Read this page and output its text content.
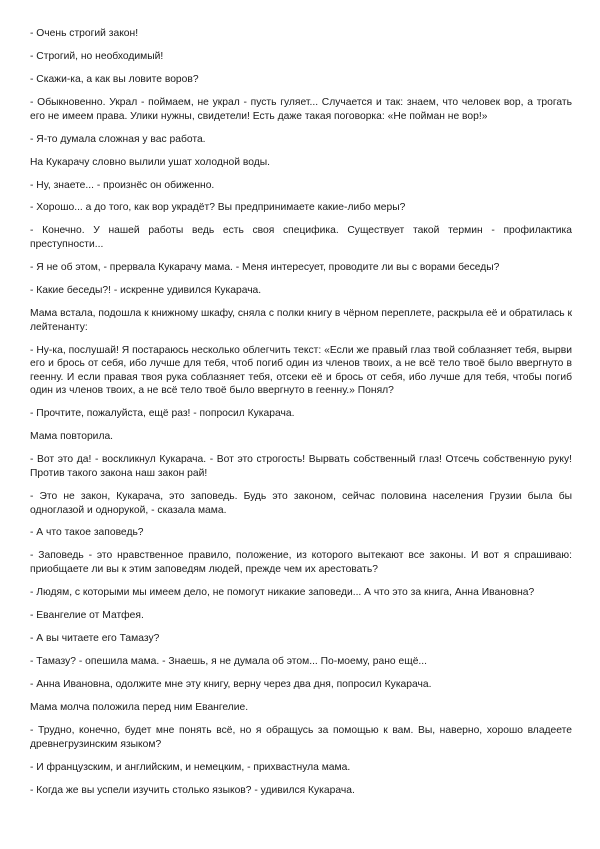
- Очень строгий закон!

- Строгий, но необходимый!

- Скажи-ка, а как вы ловите воров?

- Обыкновенно. Украл - поймаем, не украл - пусть гуляет... Случается и так: знаем, что человек вор, а трогать его не имеем права. Улики нужны, свидетели! Есть даже такая поговорка: «Не пойман не вор!»

- Я-то думала сложная у вас работа.

На Кукарачу словно вылили ушат холодной воды.

- Ну, знаете... - произнёс он обиженно.

- Хорошо... а до того, как вор украдёт? Вы предпринимаете какие-либо меры?

- Конечно. У нашей работы ведь есть своя специфика. Существует такой термин - профилактика преступности...

- Я не об этом, - прервала Кукарачу мама. - Меня интересует, проводите ли вы с ворами беседы?

- Какие беседы?! - искренне удивился Кукарача.

Мама встала, подошла к книжному шкафу, сняла с полки книгу в чёрном переплете, раскрыла её и обратилась к лейтенанту:

- Ну-ка, послушай! Я постараюсь несколько облегчить текст: «Если же правый глаз твой соблазняет тебя, вырви его и брось от себя, ибо лучше для тебя, чтоб погиб один из членов твоих, а не всё тело твоё было ввергнуто в геенну. И если правая твоя рука соблазняет тебя, отсеки её и брось от себя, ибо лучше для тебя, чтобы погиб один из членов твоих, а не всё тело твоё было ввергнуто в геенну.» Понял?

- Прочтите, пожалуйста, ещё раз! - попросил Кукарача.

Мама повторила.

- Вот это да! - воскликнул Кукарача. - Вот это строгость! Вырвать собственный глаз! Отсечь собственную руку! Против такого закона наш закон рай!

- Это не закон, Кукарача, это заповедь. Будь это законом, сейчас половина населения Грузии была бы одноглазой и однорукой, - сказала мама.

- А что такое заповедь?

- Заповедь - это нравственное правило, положение, из которого вытекают все законы. И вот я спрашиваю: приобщаете ли вы к этим заповедям людей, прежде чем их арестовать?

- Людям, с которыми мы имеем дело, не помогут никакие заповеди... А что это за книга, Анна Ивановна?

- Евангелие от Матфея.

- А вы читаете его Тамазу?

- Тамазу? - опешила мама. - Знаешь, я не думала об этом... По-моему, рано ещё...

- Анна Ивановна, одолжите мне эту книгу, верну через два дня, попросил Кукарача.

Мама молча положила перед ним Евангелие.

- Трудно, конечно, будет мне понять всё, но я обращусь за помощью к вам. Вы, наверно, хорошо владеете древнегрузинским языком?

- И французским, и английским, и немецким, - прихвастнула мама.

- Когда же вы успели изучить столько языков? - удивился Кукарача.
